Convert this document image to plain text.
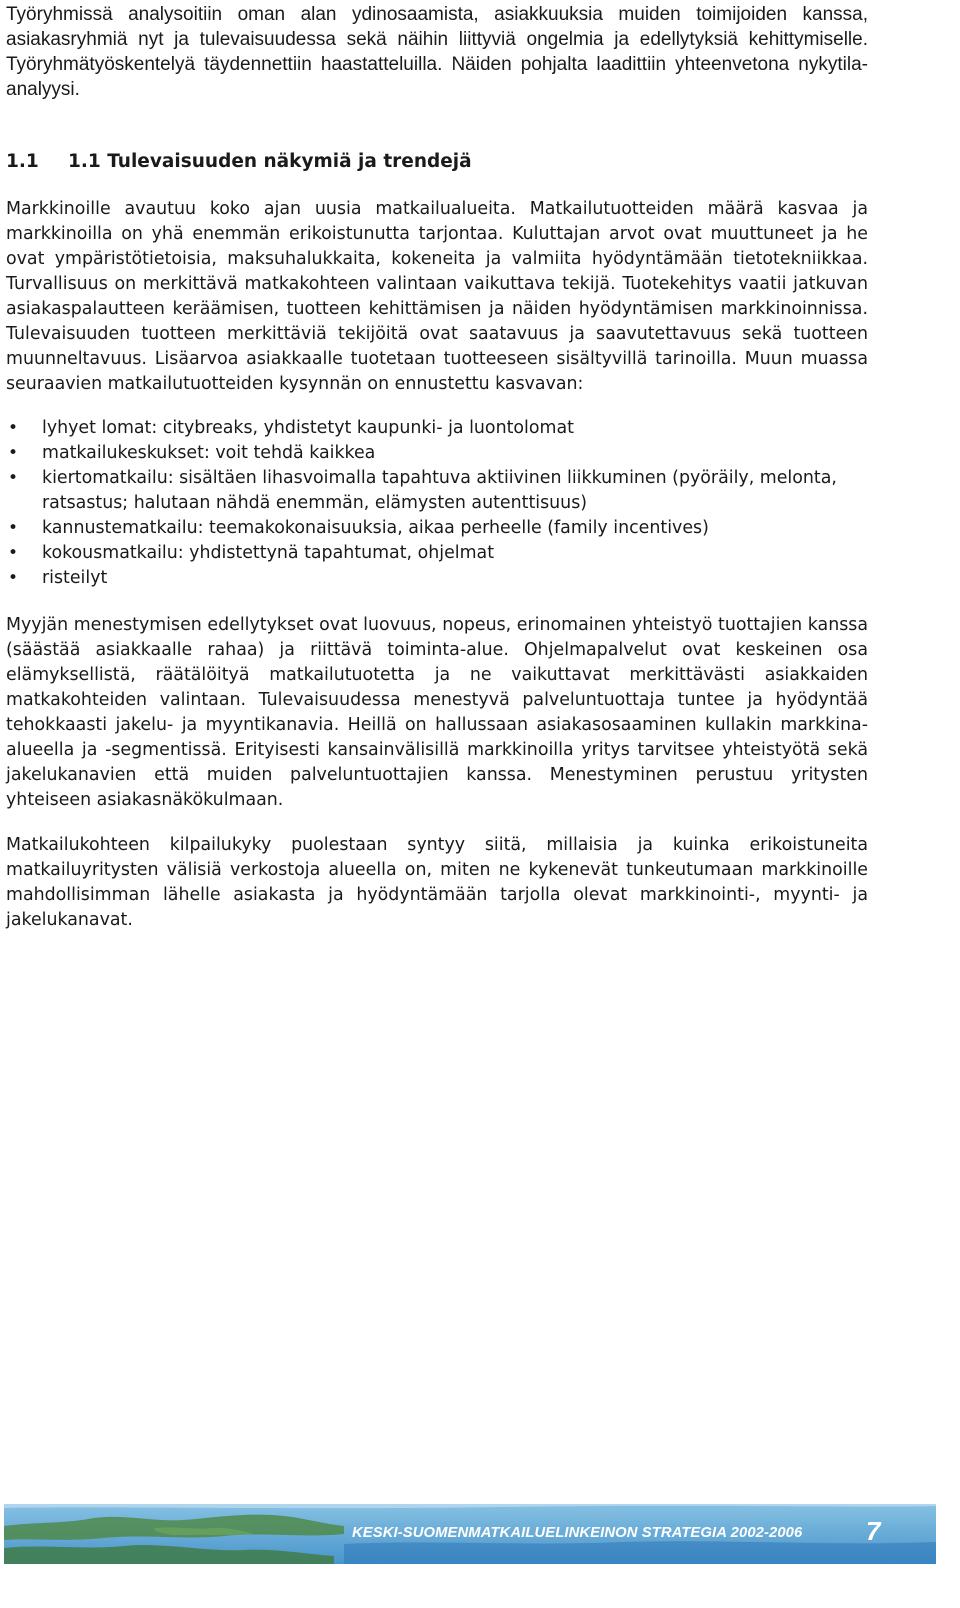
Työryhmissä analysoitiin oman alan ydinosaamista, asiakkuuksia muiden toimijoiden kanssa, asiakasryhmiä nyt ja tulevaisuudessa sekä näihin liittyviä ongelmia ja edellytyksiä kehittymiselle. Työryhmätyöskentelyä täydennettiin haastatteluilla. Näiden pohjalta laadittiin yhteenvetona nykytila-analyysi.

1.1 1.1 Tulevaisuuden näkymiä ja trendejä

Markkinoille avautuu koko ajan uusia matkailualueita. Matkailutuotteiden määrä kasvaa ja markkinoilla on yhä enemmän erikoistunutta tarjontaa. Kuluttajan arvot ovat muuttuneet ja he ovat ympäristötietoisia, maksuhalukkaita, kokeneita ja valmiita hyödyntämään tietotekniikkaa. Turvallisuus on merkittävä matkakohteen valintaan vaikuttava tekijä. Tuotekehitys vaatii jatkuvan asiakaspalautteen keräämisen, tuotteen kehittämisen ja näiden hyödyntämisen markkinoinnissa. Tulevaisuuden tuotteen merkittäviä tekijöitä ovat saatavuus ja saavutettavuus sekä tuotteen muunneltavuus. Lisäarvoa asiakkaalle tuotetaan tuotteeseen sisältyvillä tarinoilla. Muun muassa seuraavien matkailutuotteiden kysynnän on ennustettu kasvavan:

• lyhyet lomat: citybreaks, yhdistetyt kaupunki- ja luontolomat
• matkailukeskukset: voit tehdä kaikkea
• kiertomatkailu: sisältäen lihasvoimalla tapahtuva aktiivinen liikkuminen (pyöräily, melonta, ratsastus; halutaan nähdä enemmän, elämysten autenttisuus)
• kannustematkailu: teemakokonaisuuksia, aikaa perheelle (family incentives)
• kokousmatkailu: yhdistettynä tapahtumat, ohjelmat
• risteilyt

Myyjän menestymisen edellytykset ovat luovuus, nopeus, erinomainen yhteistyö tuottajien kanssa (säästää asiakkaalle rahaa) ja riittävä toiminta-alue. Ohjelmapalvelut ovat keskeinen osa elämyksellistä, räätälöityä matkailutuotetta ja ne vaikuttavat merkittävästi asiakkaiden matkakohteiden valintaan. Tulevaisuudessa menestyvä palveluntuottaja tuntee ja hyödyntää tehokkaasti jakelu- ja myyntikanavia. Heillä on hallussaan asiakasosaaminen kullakin markkina-alueella ja -segmentissä. Erityisesti kansainvälisillä markkinoilla yritys tarvitsee yhteistyötä sekä jakelukanavien että muiden palveluntuottajien kanssa. Menestyminen perustuu yritysten yhteiseen asiakasnäkökulmaan.

Matkailukohteen kilpailukyky puolestaan syntyy siitä, millaisia ja kuinka erikoistuneita matkailuyritysten välisiä verkostoja alueella on, miten ne kykenevät tunkeutumaan markkinoille mahdollisimman lähelle asiakasta ja hyödyntämään tarjolla olevat markkinointi-, myynti- ja jakelukanavat.

KESKI-SUOMENMATKAILUELINKEINON STRATEGIA 2002-2006 7
